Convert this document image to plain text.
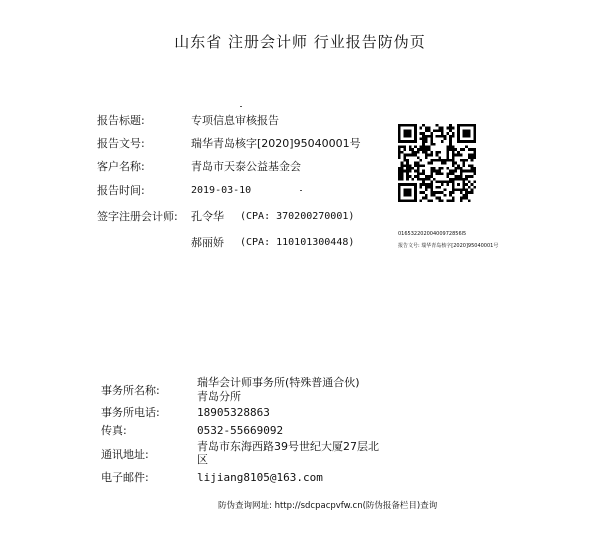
山东省 注册会计师 行业报告防伪页
报告标题:	专项信息审核报告
报告文号:	瑞华青岛核字[2020]95040001号
客户名称:	青岛市天泰公益基金会
报告时间:	2019-03-10
签字注册会计师: 孔令华 (CPA: 370200270001)
郝丽娇 (CPA: 110101300448)
01653220200400972856l5
报告文号: 瑞华青岛核字[2020]95040001号
事务所名称:
瑞华会计师事务所(特殊普通合伙)
青岛分所
事务所电话:	18905328863
传真:	0532-55669092
通讯地址:
青岛市东海西路39号世纪大厦27层北
区
电子邮件:	lijiang8105@163.com
防伪查询网址: http://sdcpacpvfw.cn(防伪报备栏目)查询
